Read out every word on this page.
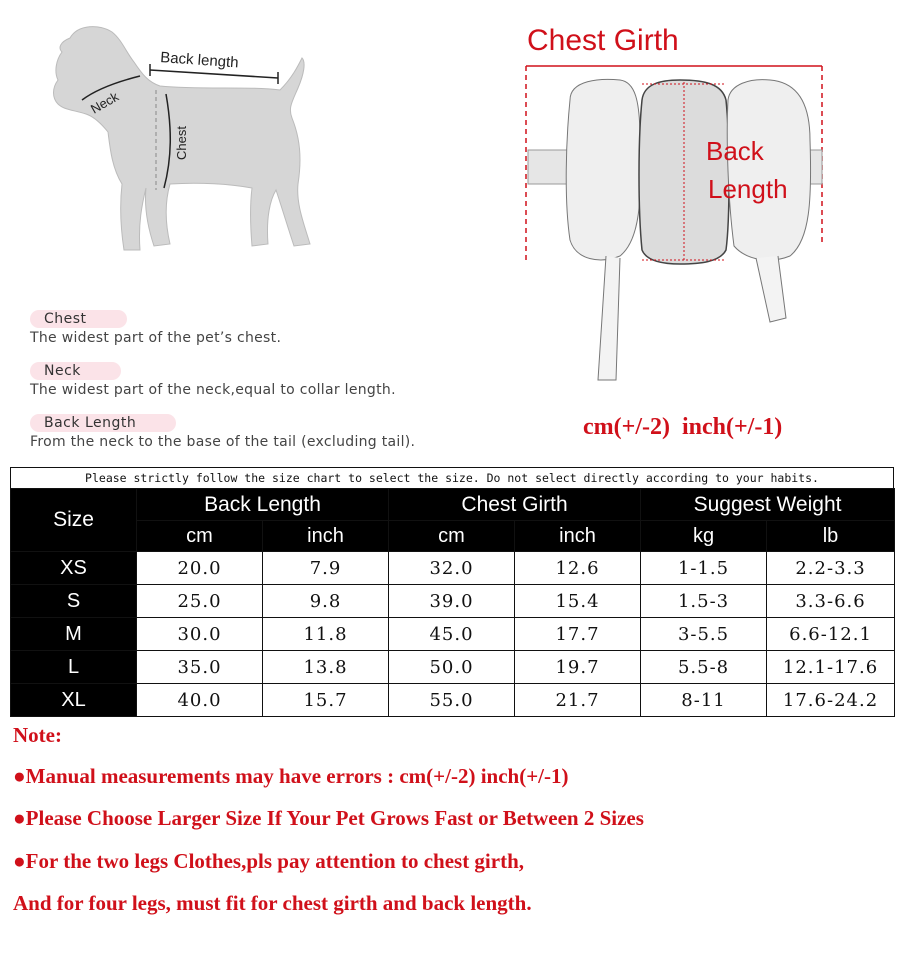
Back length
Neck
Chest
Chest
The widest part of the pet’s chest.
Neck
The widest part of the neck,equal to collar length.
Back Length
From the neck to the base of the tail (excluding tail).
Chest Girth
Back
Length
cm(+/-2)  inch(+/-1)
Please strictly follow the size chart to select the size. Do not select directly according to your habits.
Size	Back Length		Chest Girth		Suggest Weight	
	cm	inch	cm	inch	kg	lb
XS	20.0	7.9	32.0	12.6	1-1.5	2.2-3.3
S	25.0	9.8	39.0	15.4	1.5-3	3.3-6.6
M	30.0	11.8	45.0	17.7	3-5.5	6.6-12.1
L	35.0	13.8	50.0	19.7	5.5-8	12.1-17.6
XL	40.0	15.7	55.0	21.7	8-11	17.6-24.2
Note:
●Manual measurements may have errors : cm(+/-2) inch(+/-1)
●Please Choose Larger Size If Your Pet Grows Fast or Between 2 Sizes
●For the two legs Clothes,pls pay attention to chest girth,
And for four legs, must fit for chest girth and back length.
